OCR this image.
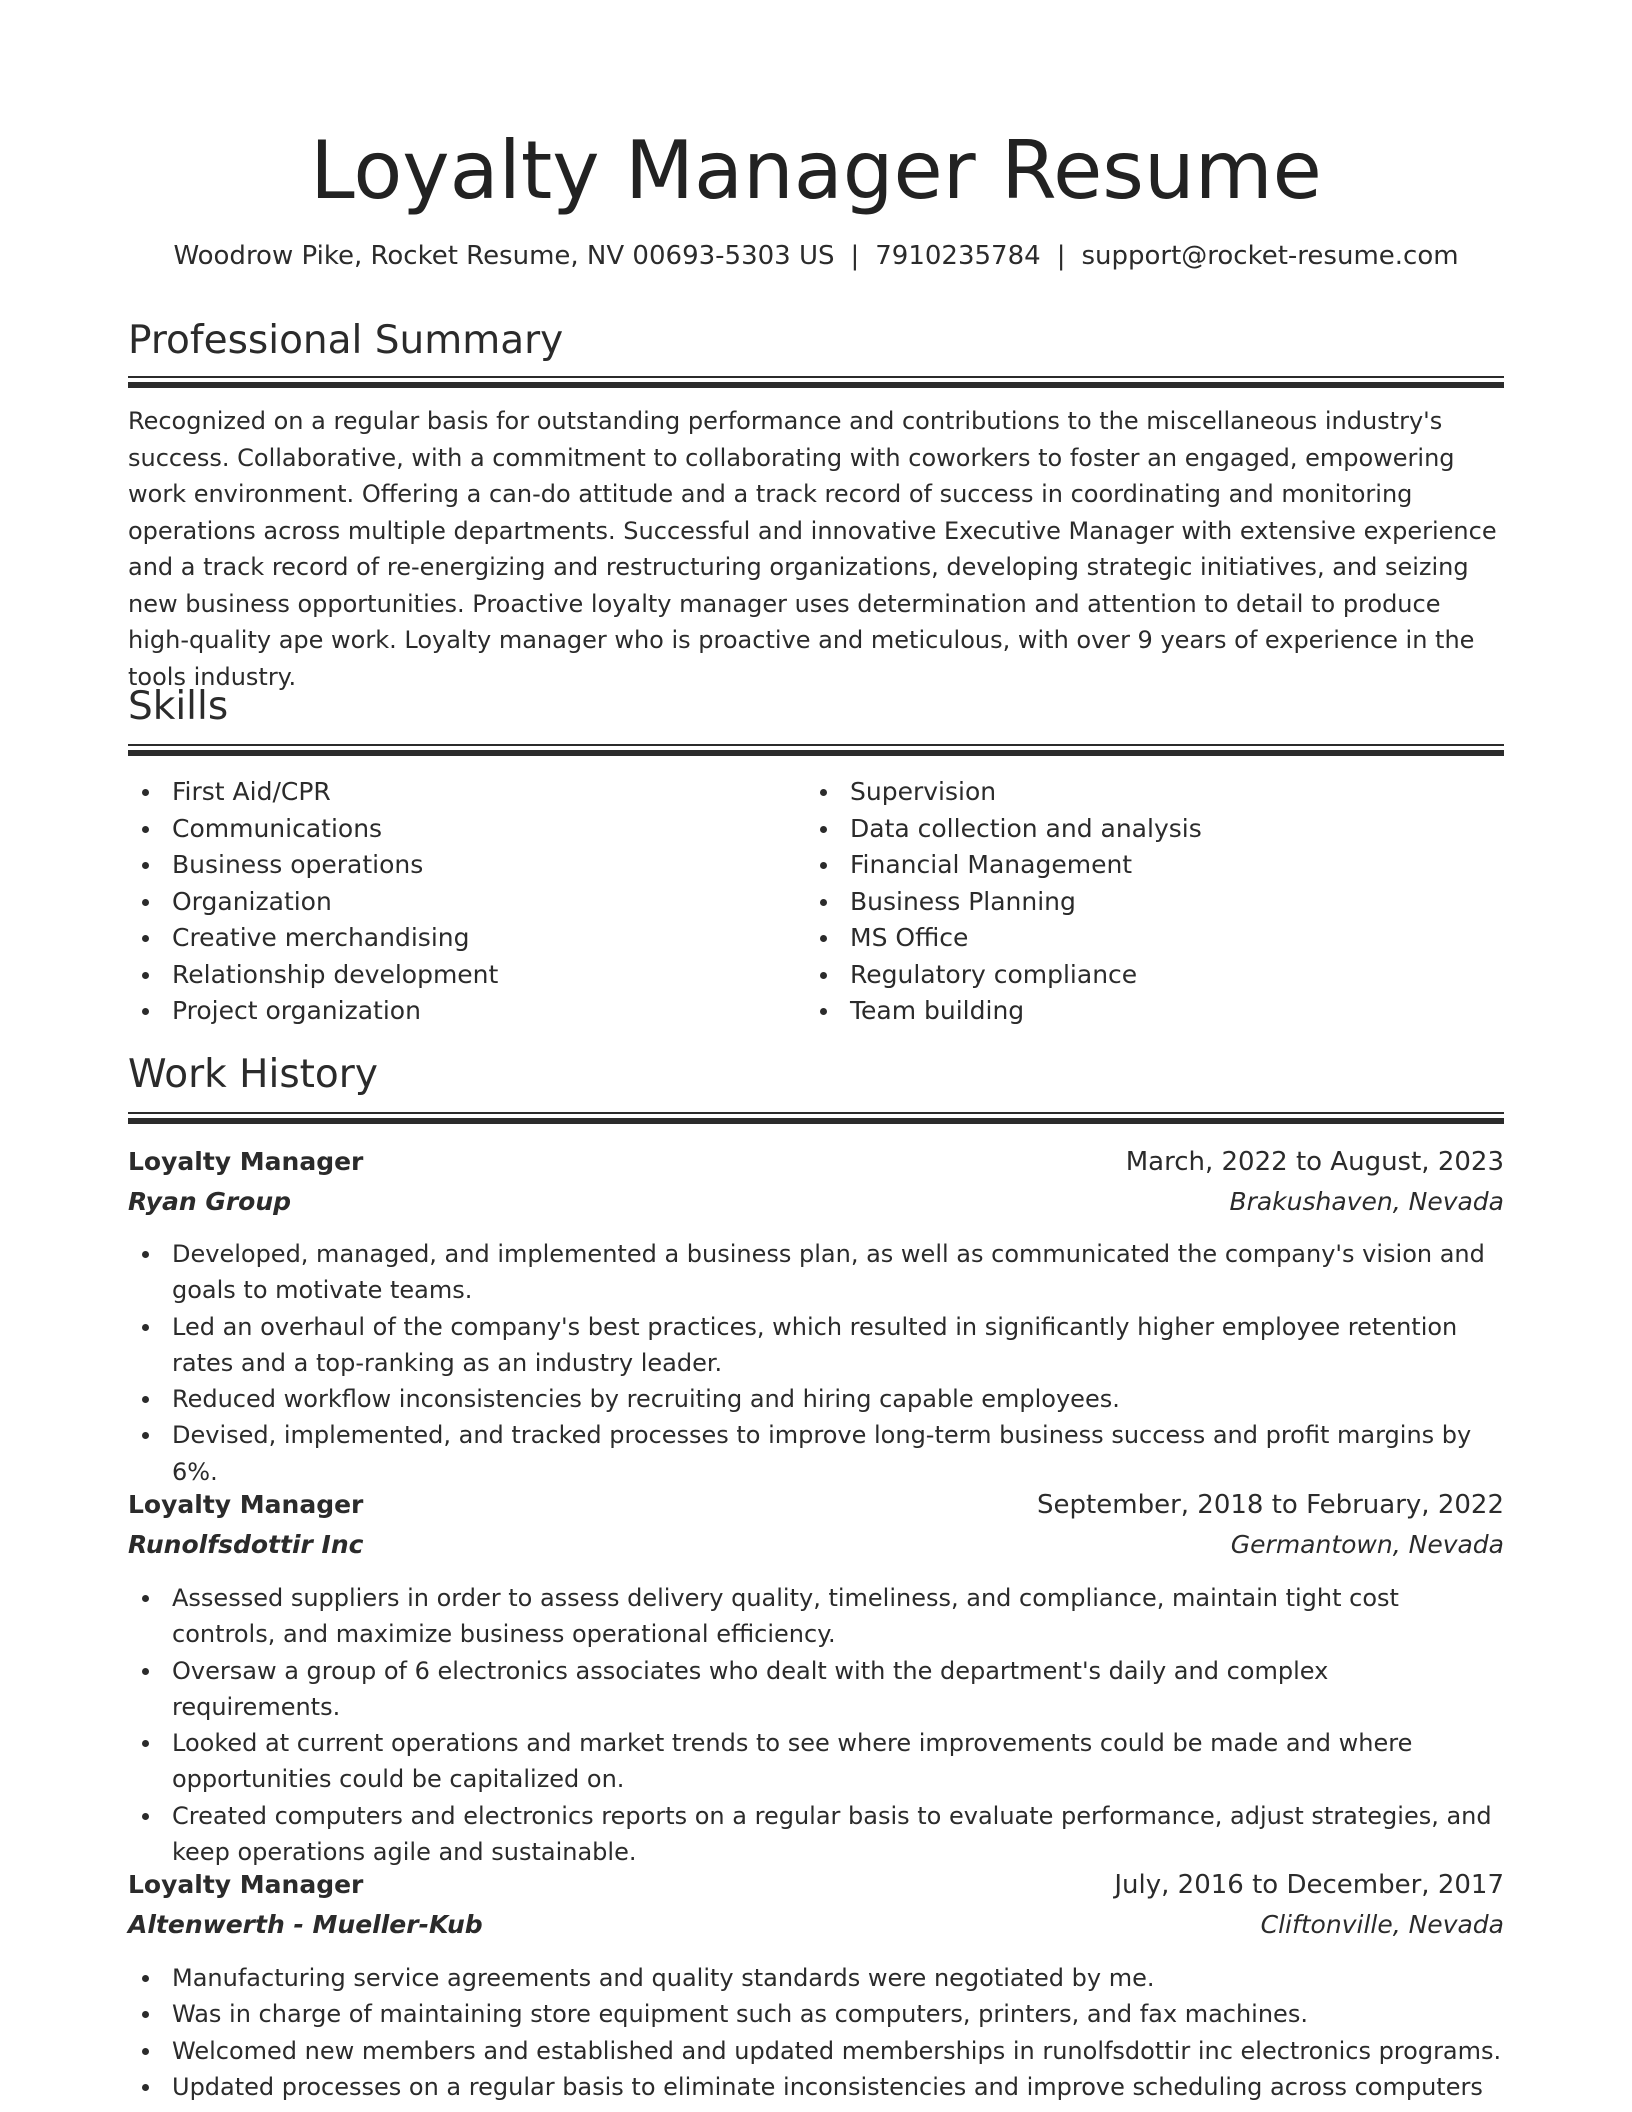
Loyalty Manager Resume
Woodrow Pike, Rocket Resume, NV 00693-5303 US | 7910235784 | support@rocket-resume.com
Professional Summary

Recognized on a regular basis for outstanding performance and contributions to the miscellaneous industry's success. Collaborative, with a commitment to collaborating with coworkers to foster an engaged, empowering work environment. Offering a can-do attitude and a track record of success in coordinating and monitoring operations across multiple departments. Successful and innovative Executive Manager with extensive experience and a track record of re-energizing and restructuring organizations, developing strategic initiatives, and seizing new business opportunities. Proactive loyalty manager uses determination and attention to detail to produce high-quality ape work. Loyalty manager who is proactive and meticulous, with over 9 years of experience in the tools industry.

Skills
First Aid/CPR
Communications
Business operations
Organization
Creative merchandising
Relationship development
Project organization
Supervision
Data collection and analysis
Financial Management
Business Planning
MS Office
Regulatory compliance
Team building
Work History
Loyalty Manager	March, 2022 to August, 2023
Ryan Group	Brakushaven, Nevada
Developed, managed, and implemented a business plan, as well as communicated the company's vision and goals to motivate teams.
Led an overhaul of the company's best practices, which resulted in significantly higher employee retention rates and a top-ranking as an industry leader.
Reduced workflow inconsistencies by recruiting and hiring capable employees.
Devised, implemented, and tracked processes to improve long-term business success and profit margins by 6%.
Loyalty Manager	September, 2018 to February, 2022
Runolfsdottir Inc	Germantown, Nevada
Assessed suppliers in order to assess delivery quality, timeliness, and compliance, maintain tight cost controls, and maximize business operational efficiency.
Oversaw a group of 6 electronics associates who dealt with the department's daily and complex requirements.
Looked at current operations and market trends to see where improvements could be made and where opportunities could be capitalized on.
Created computers and electronics reports on a regular basis to evaluate performance, adjust strategies, and keep operations agile and sustainable.
Loyalty Manager	July, 2016 to December, 2017
Altenwerth - Mueller-Kub	Cliftonville, Nevada
Manufacturing service agreements and quality standards were negotiated by me.
Was in charge of maintaining store equipment such as computers, printers, and fax machines.
Welcomed new members and established and updated memberships in runolfsdottir inc electronics programs.
Updated processes on a regular basis to eliminate inconsistencies and improve scheduling across computers
